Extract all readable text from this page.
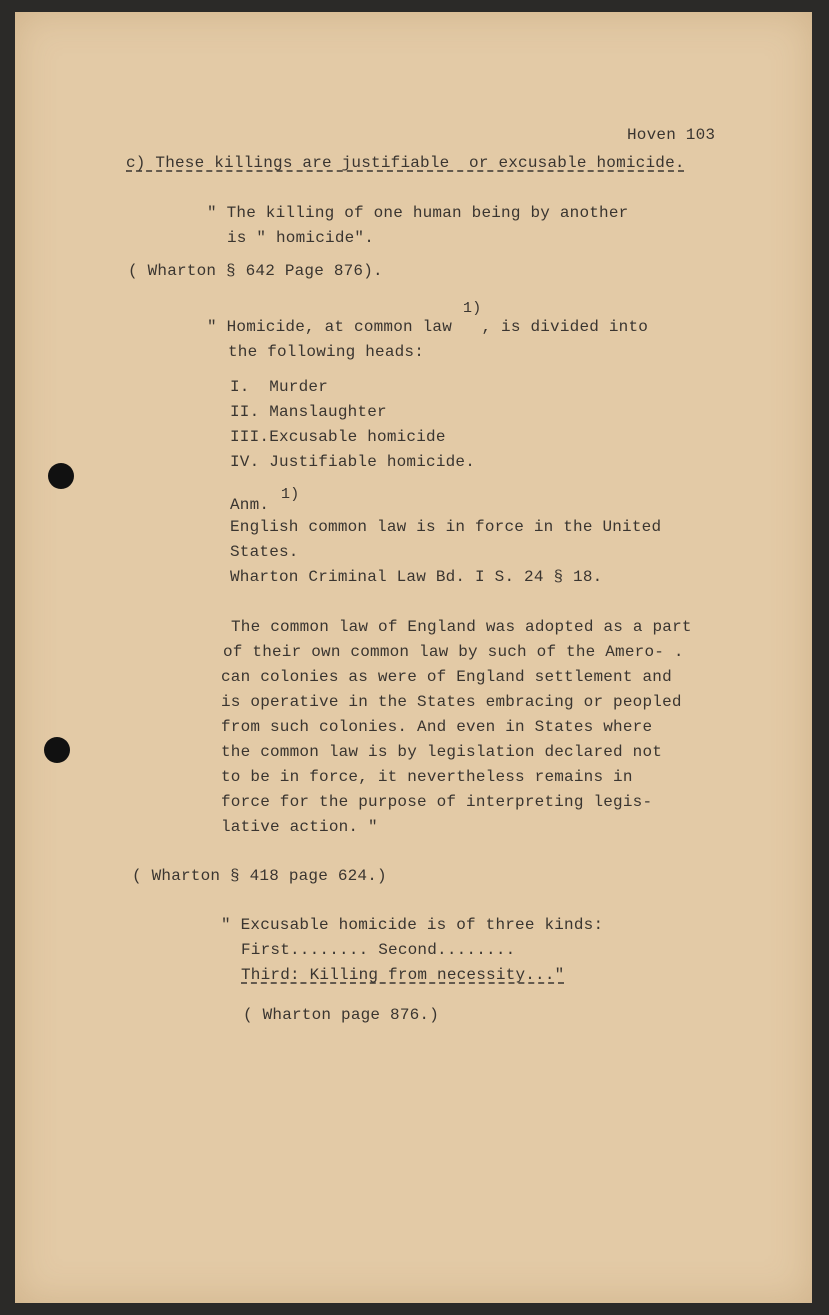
Hoven 103
c) These killings are justifiable  or excusable homicide.
" The killing of one human being by another
is " homicide".
( Wharton § 642 Page 876).
1)
" Homicide, at common law   , is divided into
the following heads:
I.  Murder
II. Manslaughter
III.Excusable homicide
IV. Justifiable homicide.
Anm.
1)
English common law is in force in the United
States.
Wharton Criminal Law Bd. I S. 24 § 18.
The common law of England was adopted as a part
of their own common law by such of the Amero- .
can colonies as were of England settlement and
is operative in the States embracing or peopled
from such colonies. And even in States where
the common law is by legislation declared not
to be in force, it nevertheless remains in
force for the purpose of interpreting legis-
lative action. "
( Wharton § 418 page 624.)
" Excusable homicide is of three kinds:
First........ Second........
Third: Killing from necessity..."
( Wharton page 876.)
